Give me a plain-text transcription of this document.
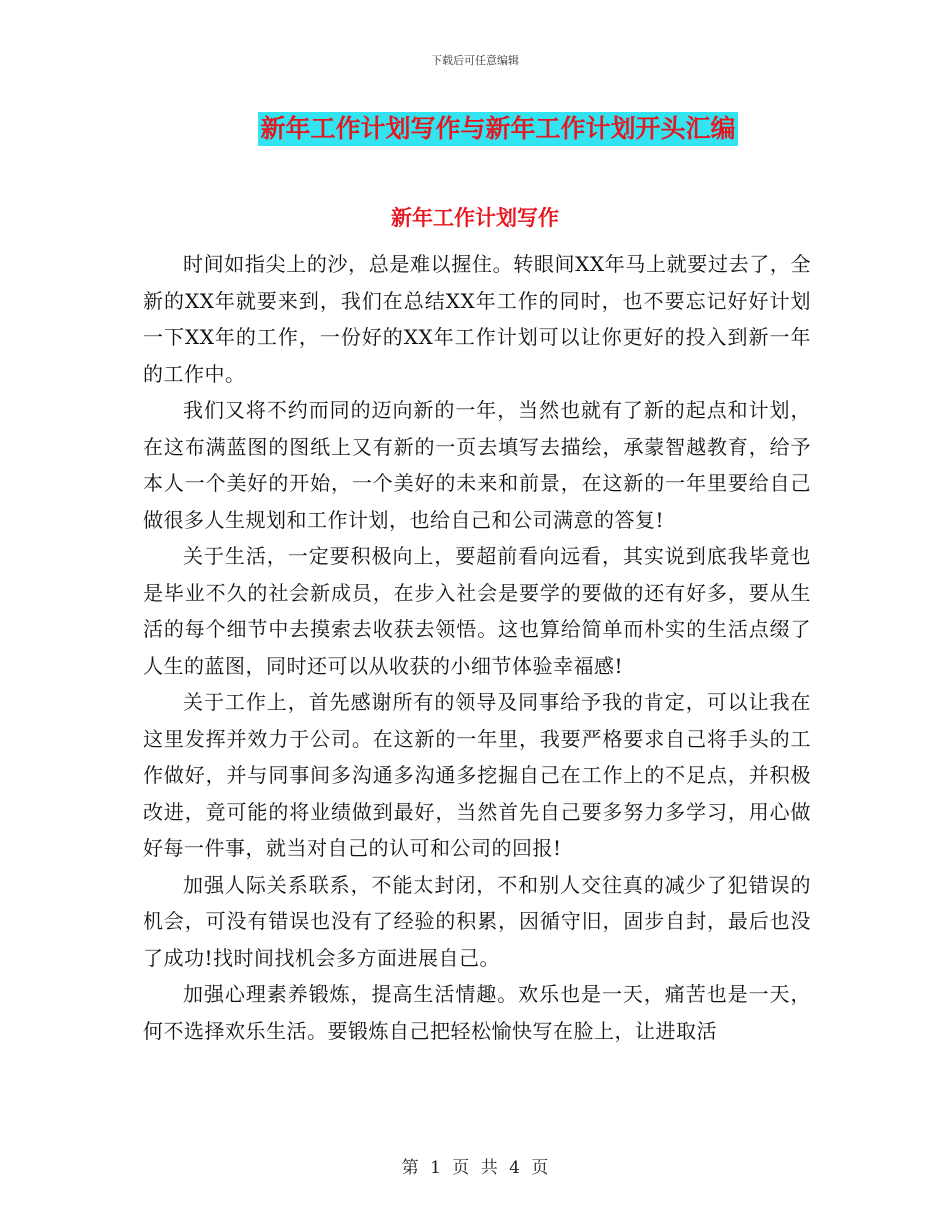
下载后可任意编辑
新年工作计划写作与新年工作计划开头汇编
新年工作计划写作

时间如指尖上的沙，总是难以握住。转眼间XX年马上就要过去了，全新的XX年就要来到，我们在总结XX年工作的同时，也不要忘记好好计划一下XX年的工作，一份好的XX年工作计划可以让你更好的投入到新一年的工作中。

我们又将不约而同的迈向新的一年，当然也就有了新的起点和计划，在这布满蓝图的图纸上又有新的一页去填写去描绘，承蒙智越教育，给予本人一个美好的开始，一个美好的未来和前景，在这新的一年里要给自己做很多人生规划和工作计划，也给自己和公司满意的答复!

关于生活，一定要积极向上，要超前看向远看，其实说到底我毕竟也是毕业不久的社会新成员，在步入社会是要学的要做的还有好多，要从生活的每个细节中去摸索去收获去领悟。这也算给简单而朴实的生活点缀了人生的蓝图，同时还可以从收获的小细节体验幸福感!

关于工作上，首先感谢所有的领导及同事给予我的肯定，可以让我在这里发挥并效力于公司。在这新的一年里，我要严格要求自己将手头的工作做好，并与同事间多沟通多沟通多挖掘自己在工作上的不足点，并积极改进，竟可能的将业绩做到最好，当然首先自己要多努力多学习，用心做好每一件事，就当对自己的认可和公司的回报!

加强人际关系联系，不能太封闭，不和别人交往真的减少了犯错误的机会，可没有错误也没有了经验的积累，因循守旧，固步自封，最后也没了成功!找时间找机会多方面进展自己。

加强心理素养锻炼，提高生活情趣。欢乐也是一天，痛苦也是一天，何不选择欢乐生活。要锻炼自己把轻松愉快写在脸上，让进取活

第 1 页 共 4 页
